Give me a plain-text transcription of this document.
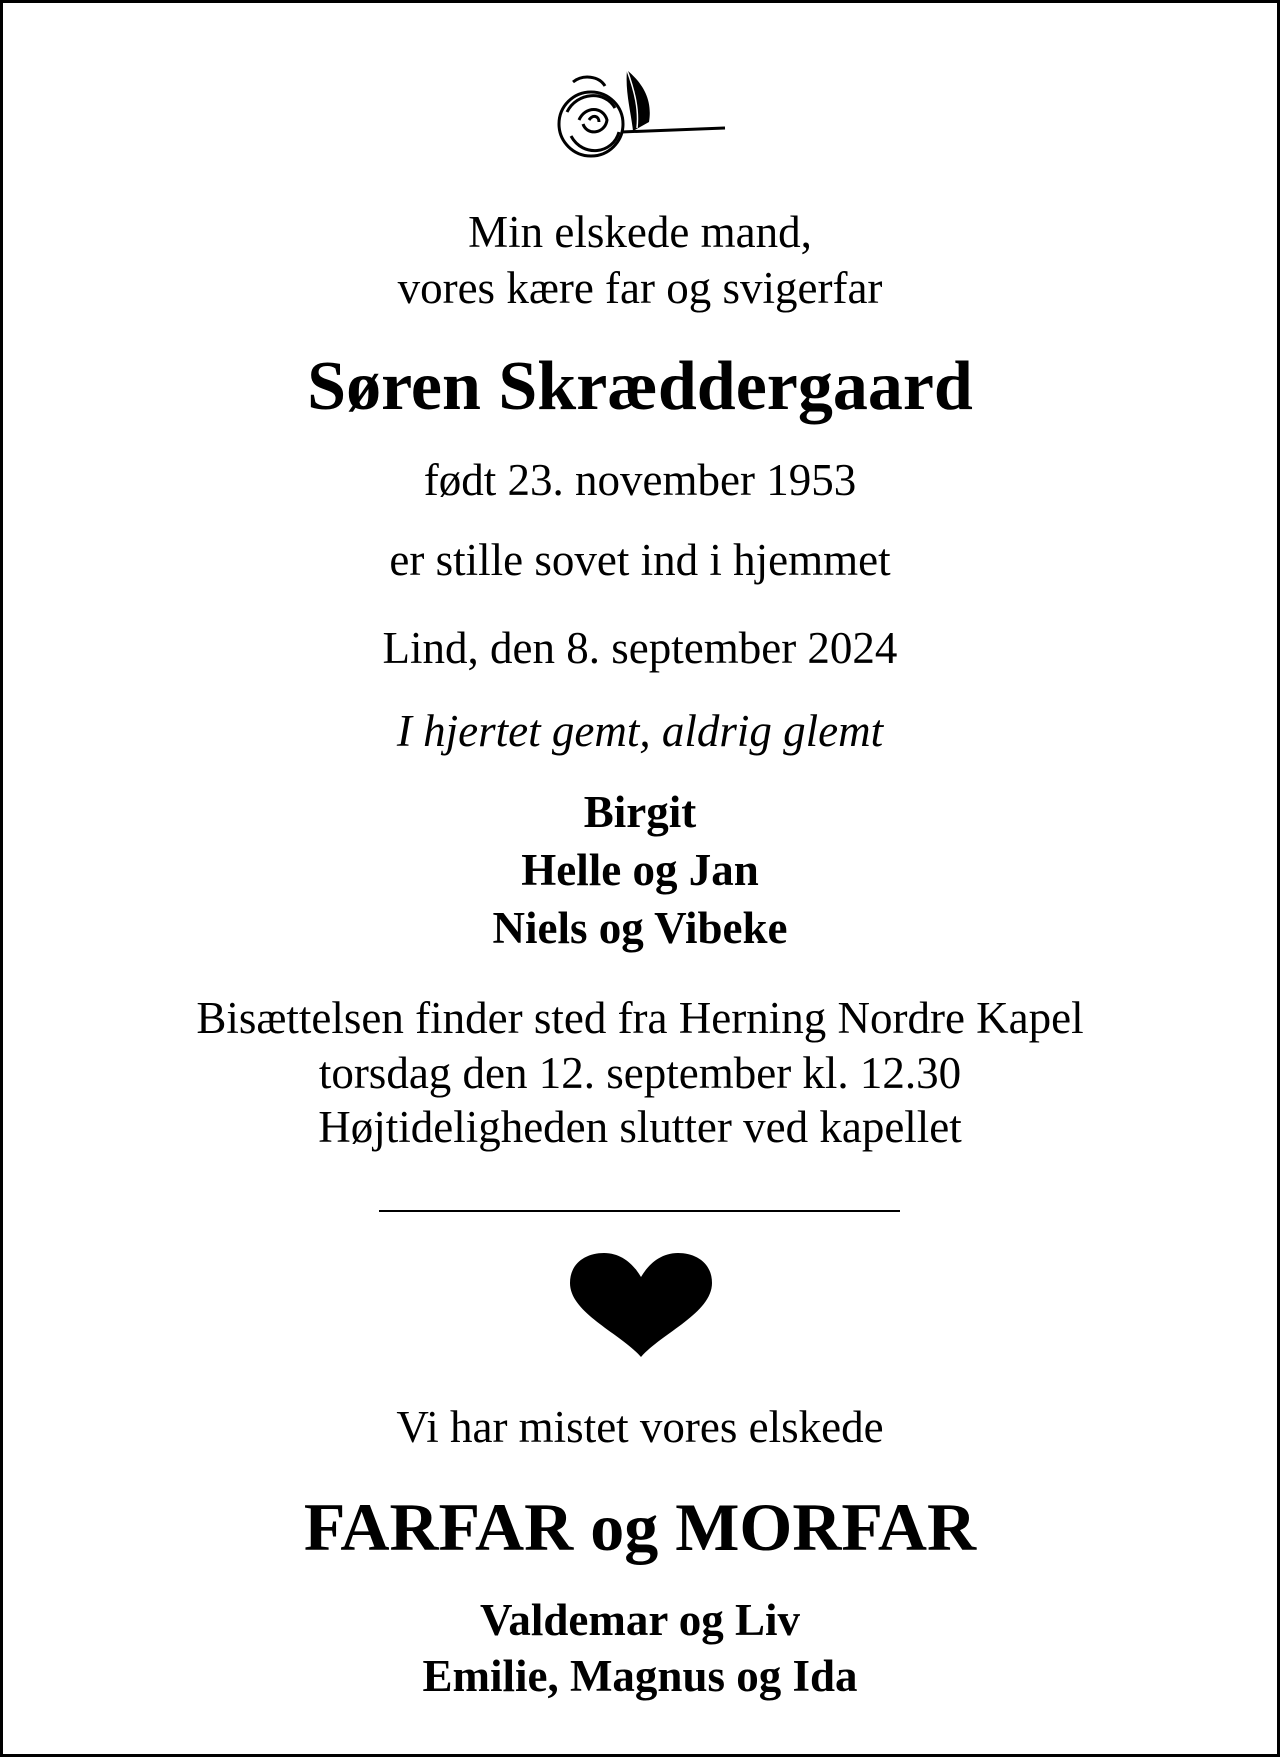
Min elskede mand,
vores kære far og svigerfar
Søren Skræddergaard
født 23. november 1953
er stille sovet ind i hjemmet
Lind, den 8. september 2024
I hjertet gemt, aldrig glemt
Birgit
Helle og Jan
Niels og Vibeke
Bisættelsen finder sted fra Herning Nordre Kapel
torsdag den 12. september kl. 12.30
Højtideligheden slutter ved kapellet
Vi har mistet vores elskede
FARFAR og MORFAR
Valdemar og Liv
Emilie, Magnus og Ida
